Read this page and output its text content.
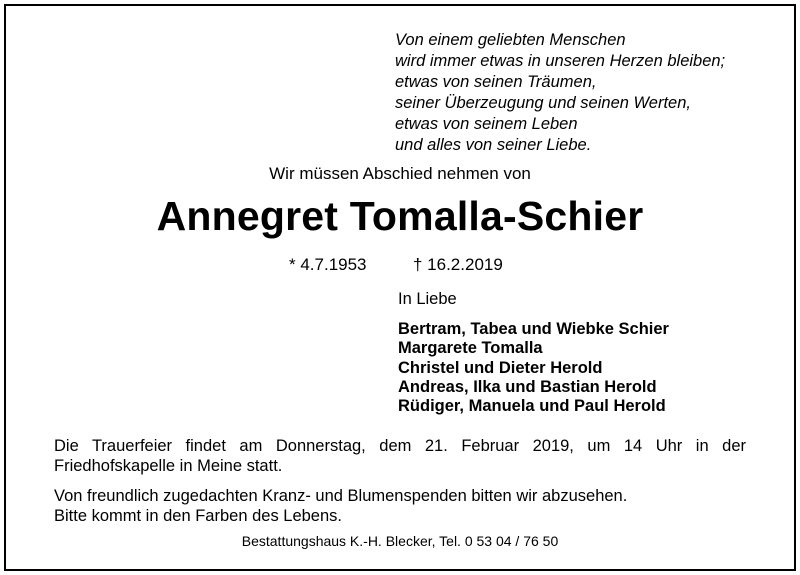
Von einem geliebten Menschen
wird immer etwas in unseren Herzen bleiben;
etwas von seinen Träumen,
seiner Überzeugung und seinen Werten,
etwas von seinem Leben
und alles von seiner Liebe.
Wir müssen Abschied nehmen von
Annegret Tomalla-Schier
* 4.7.1953	† 16.2.2019
In Liebe
Bertram, Tabea und Wiebke Schier
Margarete Tomalla
Christel und Dieter Herold
Andreas, Ilka und Bastian Herold
Rüdiger, Manuela und Paul Herold
Die Trauerfeier findet am Donnerstag, dem 21. Februar 2019, um 14 Uhr in der
Friedhofskapelle in Meine statt.
Von freundlich zugedachten Kranz- und Blumenspenden bitten wir abzusehen.
Bitte kommt in den Farben des Lebens.
Bestattungshaus K.-H. Blecker, Tel. 0 53 04 / 76 50
